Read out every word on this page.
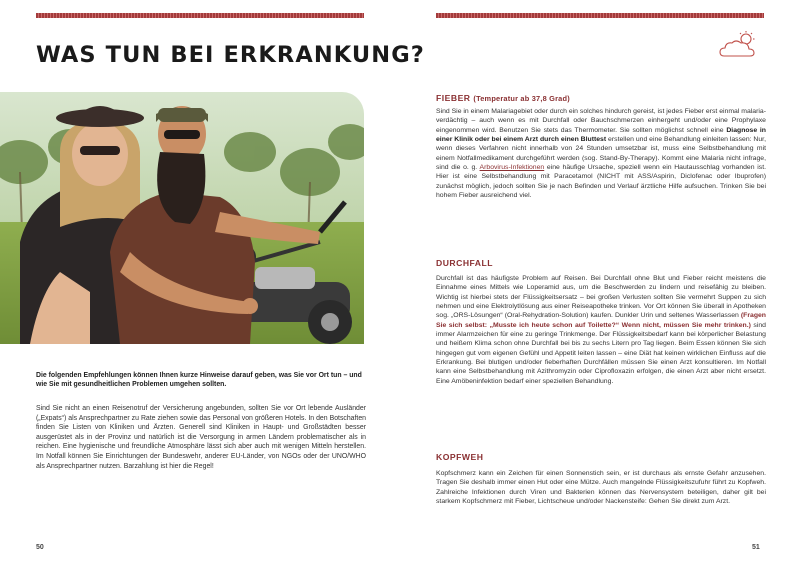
WAS TUN BEI ERKRANKUNG?

Die folgenden Empfehlungen können Ihnen kurze Hinweise darauf geben, was Sie vor Ort tun – und wie Sie mit gesundheitlichen Problemen umgehen sollten.

Sind Sie nicht an einen Reisenotruf der Versicherung angebunden, sollten Sie vor Ort lebende Ausländer („Expats“) als Ansprechpartner zu Rate ziehen sowie das Personal von größeren Hotels. In den Botschaften finden Sie Listen von Kliniken und Ärzten. Generell sind Kliniken in Haupt- und Großstädten besser ausgerüstet als in der Provinz und natürlich ist die Versorgung in armen Ländern problematischer als in reichen. Eine hygienische und freundliche Atmosphäre lässt sich aber auch mit wenigen Mitteln herstellen. Im Notfall können Sie Einrichtungen der Bundeswehr, anderer EU-Länder, von NGOs oder der UNO/WHO als Ansprechpartner nutzen. Barzahlung ist hier die Regel!

50
FIEBER (Temperatur ab 37,8 Grad)

Sind Sie in einem Malariagebiet oder durch ein solches hindurch gereist, ist jedes Fieber erst einmal malaria-verdächtig – auch wenn es mit Durchfall oder Bauchschmerzen einhergeht und/oder eine Prophylaxe eingenommen wird. Benutzen Sie stets das Thermometer. Sie sollten möglichst schnell eine Diagnose in einer Klinik oder bei einem Arzt durch einen Bluttest erstellen und eine Behandlung einleiten lassen: Nur, wenn dieses Verfahren nicht innerhalb von 24 Stunden umsetzbar ist, muss eine Selbstbehandlung mit einem Notfallmedikament durchgeführt werden (sog. Stand-By-Therapy). Kommt eine Malaria nicht infrage, sind die o. g. Arbovirus-Infektionen eine häufige Ursache, speziell wenn ein Hautausschlag vorhanden ist. Hier ist eine Selbstbehandlung mit Paracetamol (NICHT mit ASS/Aspirin, Diclofenac oder Ibuprofen) zunächst möglich, jedoch sollten Sie je nach Befinden und Verlauf ärztliche Hilfe aufsuchen. Trinken Sie bei hohem Fieber ausreichend viel.

DURCHFALL

Durchfall ist das häufigste Problem auf Reisen. Bei Durchfall ohne Blut und Fieber reicht meistens die Einnahme eines Mittels wie Loperamid aus, um die Beschwerden zu lindern und reisefähig zu bleiben. Wichtig ist hierbei stets der Flüssigkeitsersatz – bei großen Verlusten sollten Sie vermehrt Suppen zu sich nehmen und eine Elektrolytlösung aus einer Reiseapotheke trinken. Vor Ort können Sie überall in Apotheken sog. „ORS-Lösungen“ (Oral-Rehydration-Solution) kaufen. Dunkler Urin und seltenes Wasserlassen (Fragen Sie sich selbst: „Musste ich heute schon auf Toilette?“ Wenn nicht, müssen Sie mehr trinken.) sind immer Alarmzeichen für eine zu geringe Trinkmenge. Der Flüssigkeitsbedarf kann bei körperlicher Belastung und heißem Klima schon ohne Durchfall bei bis zu sechs Litern pro Tag liegen. Beim Essen können Sie sich hingegen gut vom eigenen Gefühl und Appetit leiten lassen – eine Diät hat keinen wirklichen Einfluss auf die Erkrankung. Bei blutigen und/oder fieberhaften Durchfällen müssen Sie einen Arzt konsultieren. Im Notfall kann eine Selbstbehandlung mit Azithromyzin oder Ciprofloxazin erfolgen, die einen Arzt aber nicht ersetzt. Eine Amöbeninfektion bedarf einer speziellen Behandlung.

KOPFWEH

Kopfschmerz kann ein Zeichen für einen Sonnenstich sein, er ist durchaus als ernste Gefahr anzusehen. Tragen Sie deshalb immer einen Hut oder eine Mütze. Auch mangelnde Flüssigkeitszufuhr führt zu Kopfweh. Zahlreiche Infektionen durch Viren und Bakterien können das Nervensystem beteiligen, daher gilt bei starkem Kopfschmerz mit Fieber, Lichtscheue und/oder Nackensteife: Gehen Sie direkt zum Arzt.

51
